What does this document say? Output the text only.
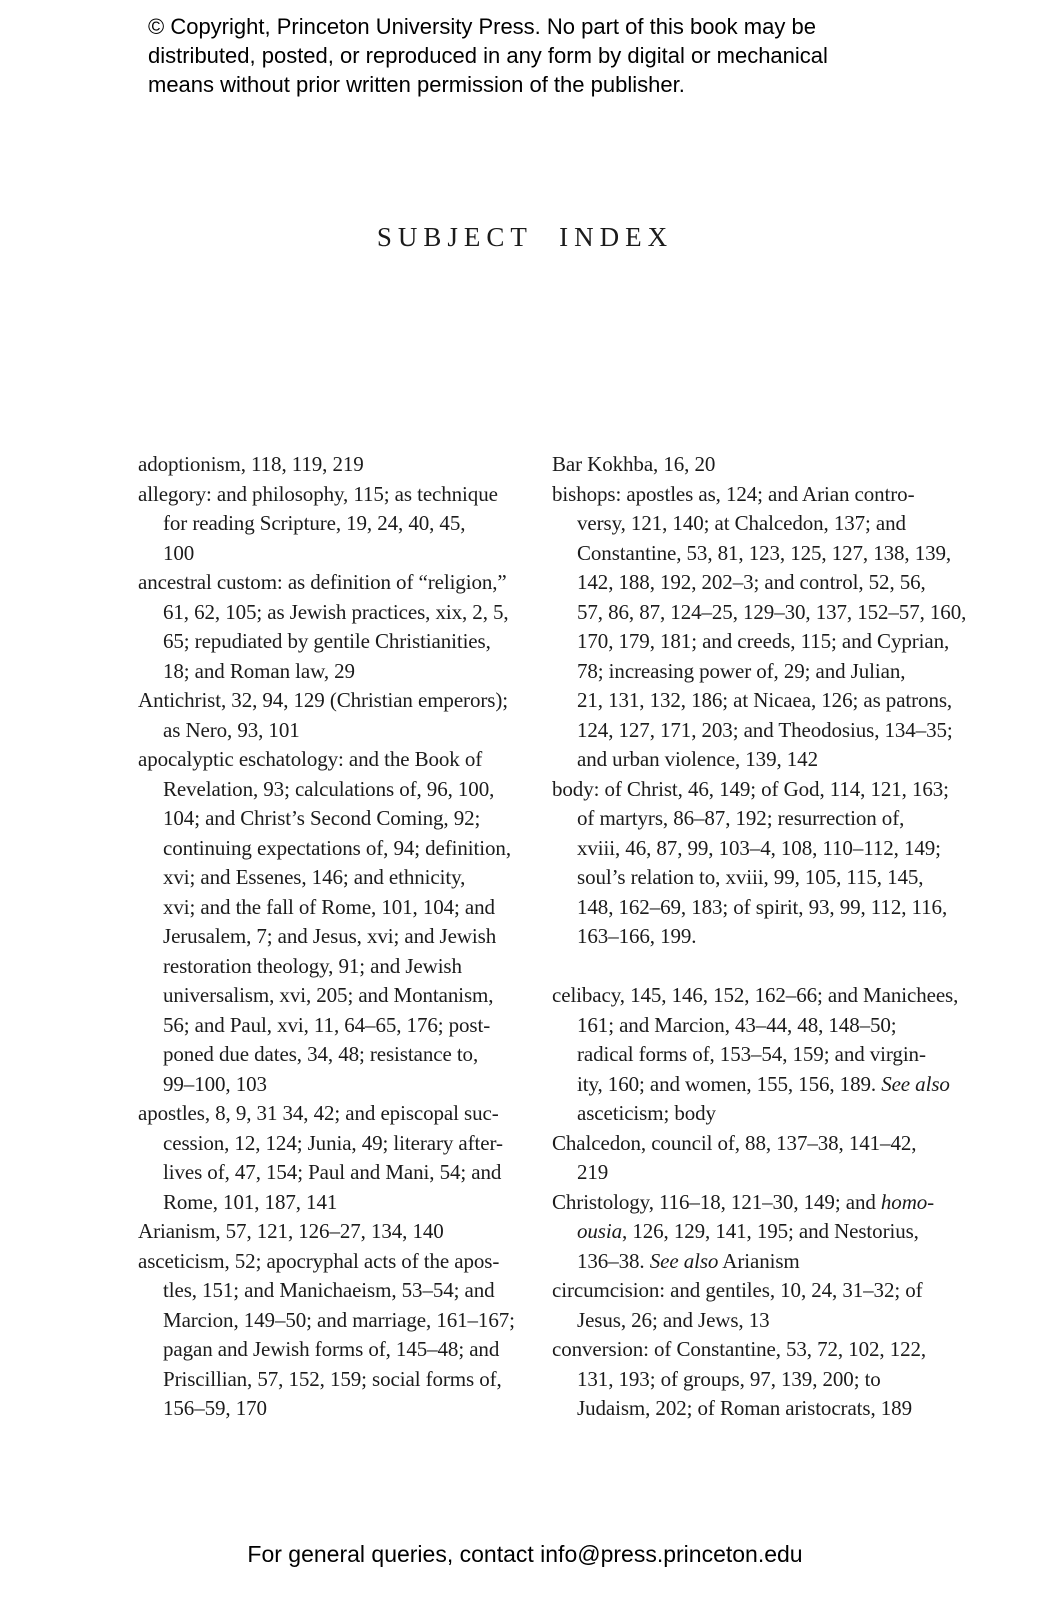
© Copyright, Princeton University Press. No part of this book may be
distributed, posted, or reproduced in any form by digital or mechanical
means without prior written permission of the publisher.
SUBJECT INDEX
adoptionism, 118, 119, 219
allegory: and philosophy, 115; as technique
for reading Scripture, 19, 24, 40, 45,
100
ancestral custom: as definition of “religion,”
61, 62, 105; as Jewish practices, xix, 2, 5,
65; repudiated by gentile Christianities,
18; and Roman law, 29
Antichrist, 32, 94, 129 (Christian emperors);
as Nero, 93, 101
apocalyptic eschatology: and the Book of
Revelation, 93; calculations of, 96, 100,
104; and Christ’s Second Coming, 92;
continuing expectations of, 94; definition,
xvi; and Essenes, 146; and ethnicity,
xvi; and the fall of Rome, 101, 104; and
Jerusalem, 7; and Jesus, xvi; and Jewish
restoration theology, 91; and Jewish
universalism, xvi, 205; and Montanism,
56; and Paul, xvi, 11, 64–65, 176; post-
poned due dates, 34, 48; resistance to,
99–100, 103
apostles, 8, 9, 31 34, 42; and episcopal suc-
cession, 12, 124; Junia, 49; literary after-
lives of, 47, 154; Paul and Mani, 54; and
Rome, 101, 187, 141
Arianism, 57, 121, 126–27, 134, 140
asceticism, 52; apocryphal acts of the apos-
tles, 151; and Manichaeism, 53–54; and
Marcion, 149–50; and marriage, 161–167;
pagan and Jewish forms of, 145–48; and
Priscillian, 57, 152, 159; social forms of,
156–59, 170
Bar Kokhba, 16, 20
bishops: apostles as, 124; and Arian contro-
versy, 121, 140; at Chalcedon, 137; and
Constantine, 53, 81, 123, 125, 127, 138, 139,
142, 188, 192, 202–3; and control, 52, 56,
57, 86, 87, 124–25, 129–30, 137, 152–57, 160,
170, 179, 181; and creeds, 115; and Cyprian,
78; increasing power of, 29; and Julian,
21, 131, 132, 186; at Nicaea, 126; as patrons,
124, 127, 171, 203; and Theodosius, 134–35;
and urban violence, 139, 142
body: of Christ, 46, 149; of God, 114, 121, 163;
of martyrs, 86–87, 192; resurrection of,
xviii, 46, 87, 99, 103–4, 108, 110–112, 149;
soul’s relation to, xviii, 99, 105, 115, 145,
148, 162–69, 183; of spirit, 93, 99, 112, 116,
163–166, 199.
celibacy, 145, 146, 152, 162–66; and Manichees,
161; and Marcion, 43–44, 48, 148–50;
radical forms of, 153–54, 159; and virgin-
ity, 160; and women, 155, 156, 189. See also
asceticism; body
Chalcedon, council of, 88, 137–38, 141–42,
219
Christology, 116–18, 121–30, 149; and homo-
ousia, 126, 129, 141, 195; and Nestorius,
136–38. See also Arianism
circumcision: and gentiles, 10, 24, 31–32; of
Jesus, 26; and Jews, 13
conversion: of Constantine, 53, 72, 102, 122,
131, 193; of groups, 97, 139, 200; to
Judaism, 202; of Roman aristocrats, 189
For general queries, contact info@press.princeton.edu
